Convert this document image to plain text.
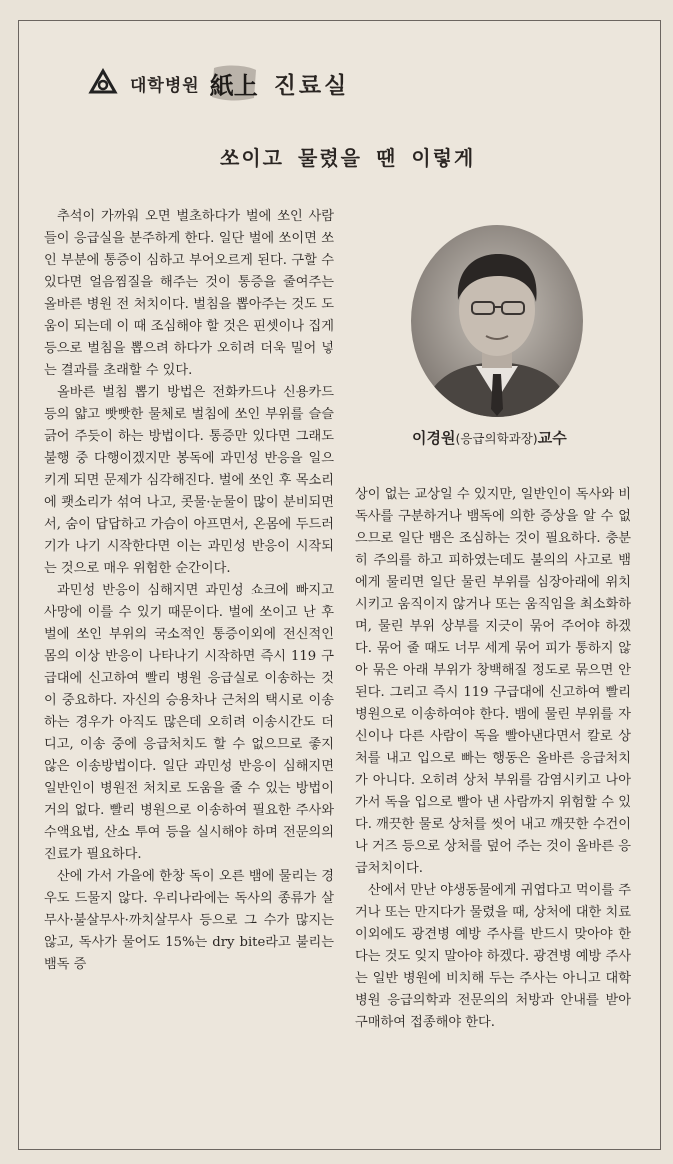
대학병원 紙上 진료실
쏘이고 물렸을 땐 이렇게

추석이 가까워 오면 벌초하다가 벌에 쏘인 사람들이 응급실을 분주하게 한다. 일단 벌에 쏘이면 쏘인 부분에 통증이 심하고 부어오르게 된다. 구할 수 있다면 얼음찜질을 해주는 것이 통증을 줄여주는 올바른 병원 전 처치이다. 벌침을 뽑아주는 것도 도움이 되는데 이 때 조심해야 할 것은 핀셋이나 집게 등으로 벌침을 뽑으려 하다가 오히려 더욱 밀어 넣는 결과를 초래할 수 있다.

올바른 벌침 뽑기 방법은 전화카드나 신용카드 등의 얇고 빳빳한 물체로 벌침에 쏘인 부위를 슬슬 긁어 주듯이 하는 방법이다. 통증만 있다면 그래도 불행 중 다행이겠지만 봉독에 과민성 반응을 일으키게 되면 문제가 심각해진다. 벌에 쏘인 후 목소리에 쾟소리가 섞여 나고, 콧물·눈물이 많이 분비되면서, 숨이 답답하고 가슴이 아프면서, 온몸에 두드러기가 나기 시작한다면 이는 과민성 반응이 시작되는 것으로 매우 위험한 순간이다.

과민성 반응이 심해지면 과민성 쇼크에 빠지고 사망에 이를 수 있기 때문이다. 벌에 쏘이고 난 후 벌에 쏘인 부위의 국소적인 통증이외에 전신적인 몸의 이상 반응이 나타나기 시작하면 즉시 119 구급대에 신고하여 빨리 병원 응급실로 이송하는 것이 중요하다. 자신의 승용차나 근처의 택시로 이송하는 경우가 아직도 많은데 오히려 이송시간도 더디고, 이송 중에 응급처치도 할 수 없으므로 좋지 않은 이송방법이다. 일단 과민성 반응이 심해지면 일반인이 병원전 처치로 도움을 줄 수 있는 방법이 거의 없다. 빨리 병원으로 이송하여 필요한 주사와 수액요법, 산소 투여 등을 실시해야 하며 전문의의 진료가 필요하다.

산에 가서 가을에 한창 독이 오른 뱀에 물리는 경우도 드물지 않다. 우리나라에는 독사의 종류가 살무사·불살무사·까치살무사 등으로 그 수가 많지는 않고, 독사가 물어도 15%는 dry bite라고 불리는 뱀독 증

이경원(응급의학과장)교수

상이 없는 교상일 수 있지만, 일반인이 독사와 비독사를 구분하거나 뱀독에 의한 증상을 알 수 없으므로 일단 뱀은 조심하는 것이 필요하다. 충분히 주의를 하고 피하였는데도 불의의 사고로 뱀에게 물리면 일단 물린 부위를 심장아래에 위치시키고 움직이지 않거나 또는 움직임을 최소화하며, 물린 부위 상부를 지긋이 묶어 주어야 하겠다. 묶어 줄 때도 너무 세게 묶어 피가 통하지 않아 묶은 아래 부위가 창백해질 정도로 묶으면 안 된다. 그리고 즉시 119 구급대에 신고하여 빨리 병원으로 이송하여야 한다. 뱀에 물린 부위를 자신이나 다른 사람이 독을 빨아낸다면서 칼로 상처를 내고 입으로 빠는 행동은 올바른 응급처치가 아니다. 오히려 상처 부위를 감염시키고 나아가서 독을 입으로 빨아 낸 사람까지 위험할 수 있다. 깨끗한 물로 상처를 씻어 내고 깨끗한 수건이나 거즈 등으로 상처를 덮어 주는 것이 올바른 응급처치이다.

산에서 만난 야생동물에게 귀엽다고 먹이를 주거나 또는 만지다가 물렸을 때, 상처에 대한 치료 이외에도 광견병 예방 주사를 반드시 맞아야 한다는 것도 잊지 말아야 하겠다. 광견병 예방 주사는 일반 병원에 비치해 두는 주사는 아니고 대학병원 응급의학과 전문의의 처방과 안내를 받아 구매하여 접종해야 한다.
